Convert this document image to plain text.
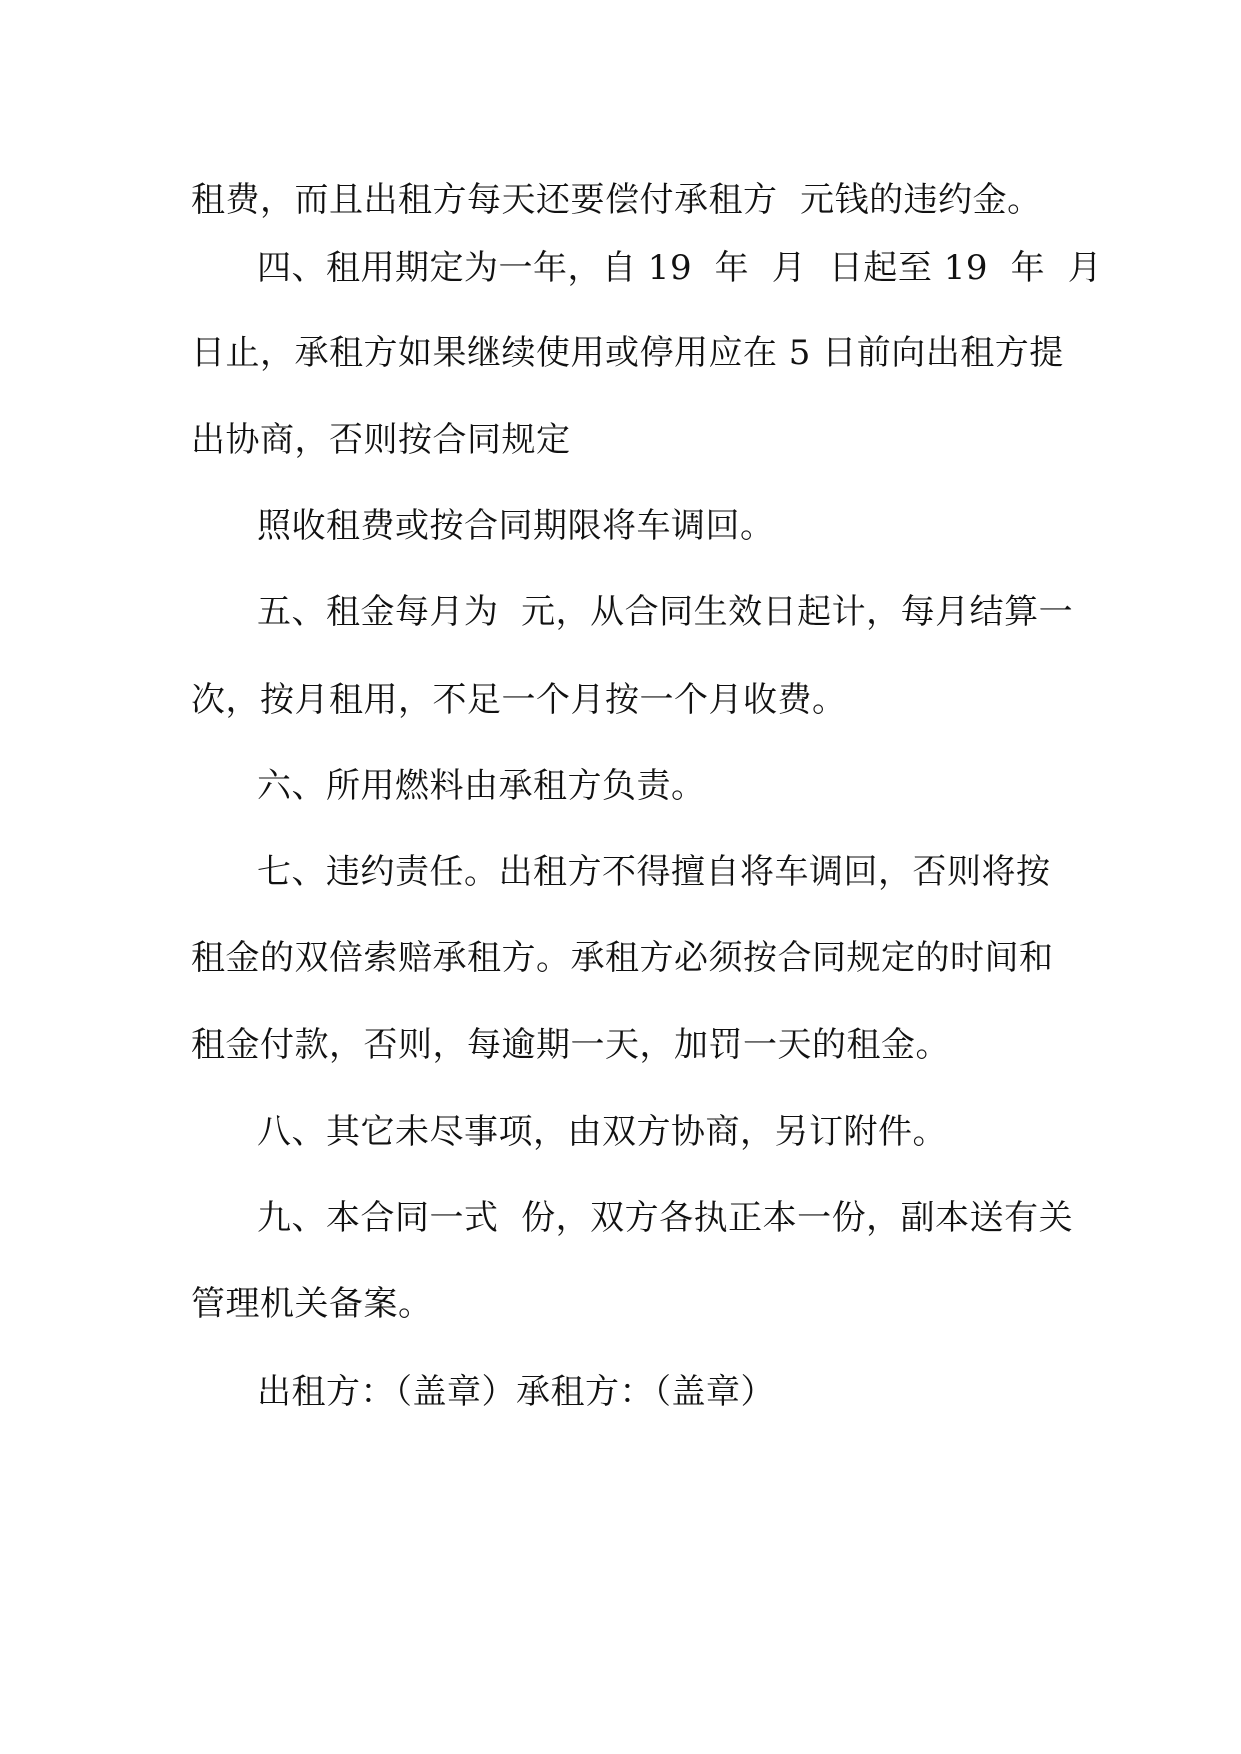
租费，而且出租方每天还要偿付承租方  元钱的违约金。
四、租用期定为一年，自 19  年  月  日起至 19  年  月
日止，承租方如果继续使用或停用应在 5 日前向出租方提
出协商，否则按合同规定
照收租费或按合同期限将车调回。
五、租金每月为  元，从合同生效日起计，每月结算一
次，按月租用，不足一个月按一个月收费。
六、所用燃料由承租方负责。
七、违约责任。出租方不得擅自将车调回，否则将按
租金的双倍索赔承租方。承租方必须按合同规定的时间和
租金付款，否则，每逾期一天，加罚一天的租金。
八、其它未尽事项，由双方协商，另订附件。
九、本合同一式  份，双方各执正本一份，副本送有关
管理机关备案。
出租方：（盖章）承租方：（盖章）
